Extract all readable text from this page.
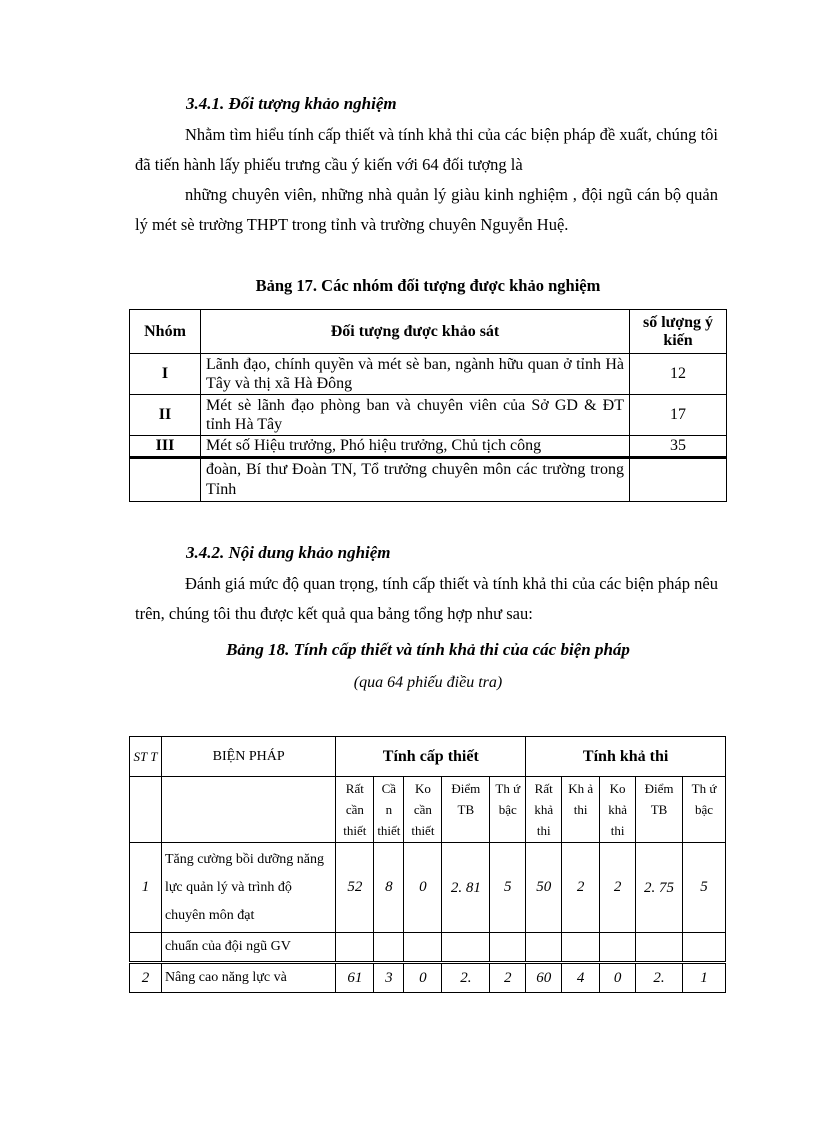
3.4.1. Đối tượng khảo nghiệm
Nhằm tìm hiểu tính cấp thiết và tính khả thi của các biện pháp đề xuất, chúng tôi đã tiến hành lấy phiếu trưng cầu ý kiến với 64 đối tượng là
những chuyên viên, những nhà quản lý giàu kinh nghiệm , đội ngũ cán bộ quản lý mét sè trường THPT trong tỉnh và trường chuyên Nguyễn Huệ.
Bảng 17. Các nhóm đối tượng được khảo nghiệm
Nhóm	Đối tượng được khảo sát	số lượng ý kiến
I	Lãnh đạo, chính quyền và mét sè ban, ngành hữu quan ở tỉnh Hà Tây và thị xã Hà Đông	12
II	Mét sè lãnh đạo phòng ban và chuyên viên của Sở GD & ĐT tỉnh Hà Tây	17
III	Mét số Hiệu trưởng, Phó hiệu trưởng, Chủ tịch công	35
	đoàn, Bí thư Đoàn TN, Tổ trưởng chuyên môn các trường trong Tỉnh	
3.4.2. Nội dung khảo nghiệm
Đánh giá mức độ quan trọng, tính cấp thiết và tính khả thi của các biện pháp nêu trên, chúng tôi thu được kết quả qua bảng tổng hợp như sau:
Bảng 18. Tính cấp thiết và tính khả thi của các biện pháp
(qua 64 phiếu điều tra)
ST T	BIỆN PHÁP	Tính cấp thiết					Tính khả thi				
		Rất cần thiết	Cầ n thiết	Ko cần thiết	Điểm TB	Th ứ bậc	Rất khả thi	Kh ả thi	Ko khả thi	Điểm TB	Th ứ bậc
1	Tăng cường bồi dưỡng năng lực quản lý và trình độ chuyên môn đạt	52	8	0	2. 81	5	50	2	2	2. 75	5
	chuẩn của đội ngũ GV										
2	Nâng cao năng lực và	61	3	0	2.	2	60	4	0	2.	1
